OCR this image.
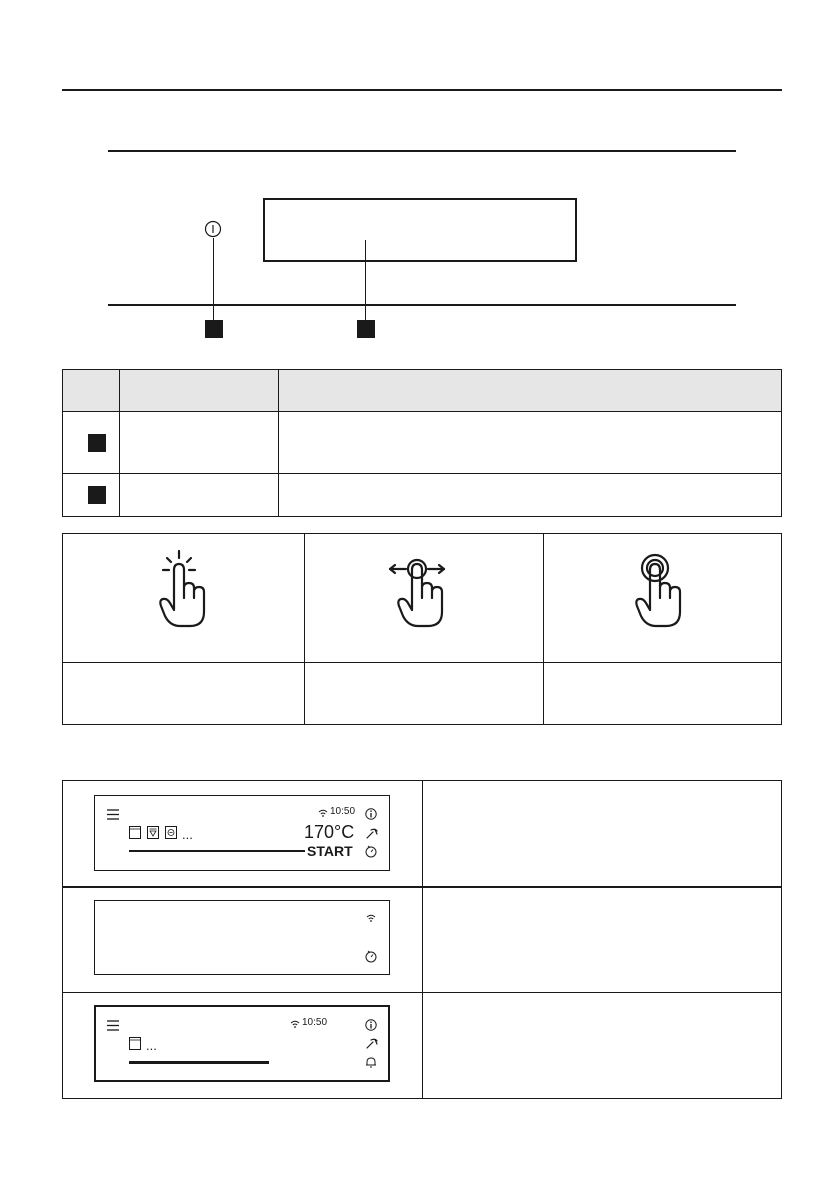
10:50
...	170°C
START
10:50
...
